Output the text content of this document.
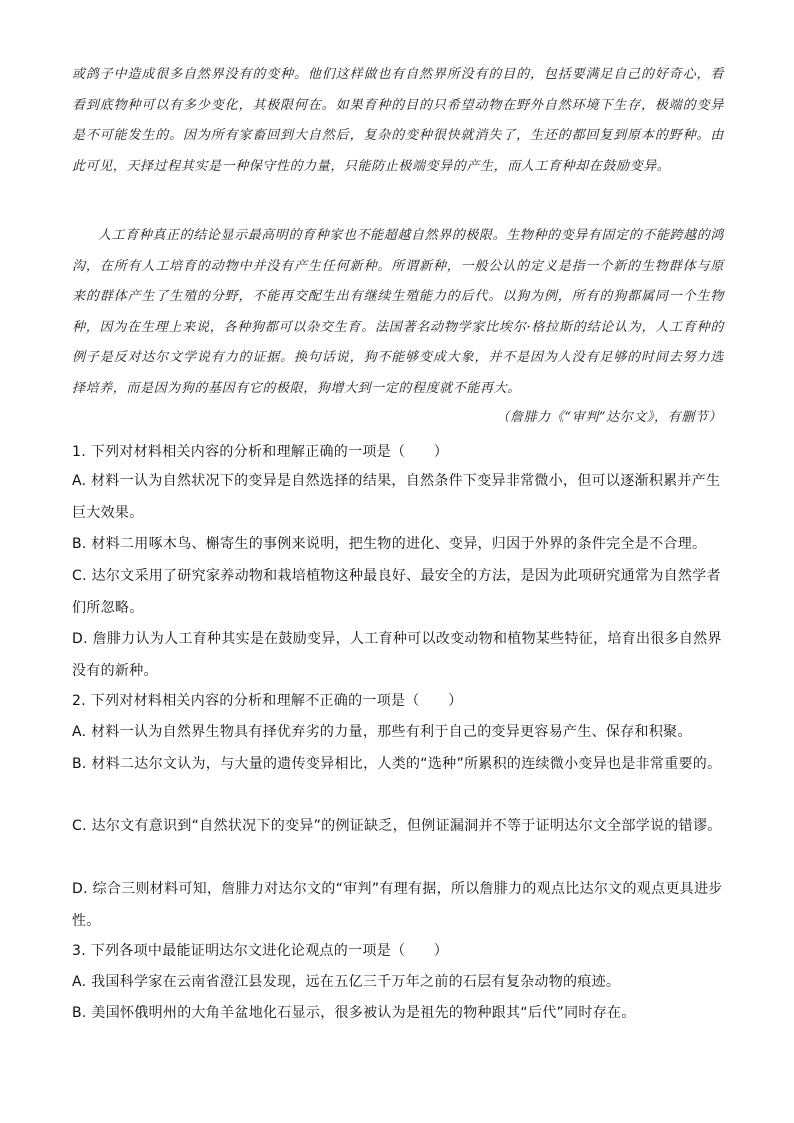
或鸽子中造成很多自然界没有的变种。他们这样做也有自然界所没有的目的，包括要满足自己的好奇心，看看到底物种可以有多少变化，其极限何在。如果育种的目的只希望动物在野外自然环境下生存，极端的变异是不可能发生的。因为所有家畜回到大自然后，复杂的变种很快就消失了，生还的都回复到原本的野种。由此可见，天择过程其实是一种保守性的力量，只能防止极端变异的产生，而人工育种却在鼓励变异。
人工育种真正的结论显示最高明的育种家也不能超越自然界的极限。生物种的变异有固定的不能跨越的鸿沟，在所有人工培育的动物中并没有产生任何新种。所谓新种，一般公认的定义是指一个新的生物群体与原来的群体产生了生殖的分野，不能再交配生出有继续生殖能力的后代。以狗为例，所有的狗都属同一个生物种，因为在生理上来说，各种狗都可以杂交生育。法国著名动物学家比埃尔·格拉斯的结论认为，人工育种的例子是反对达尔文学说有力的证据。换句话说，狗不能够变成大象，并不是因为人没有足够的时间去努力选择培养，而是因为狗的基因有它的极限，狗增大到一定的程度就不能再大。
（詹腓力《“审判”达尔文》，有删节）
1. 下列对材料相关内容的分析和理解正确的一项是（　　）
A. 材料一认为自然状况下的变异是自然选择的结果，自然条件下变异非常微小，但可以逐渐积累并产生巨大效果。
B. 材料二用啄木鸟、槲寄生的事例来说明，把生物的进化、变异，归因于外界的条件完全是不合理。
C. 达尔文采用了研究家养动物和栽培植物这种最良好、最安全的方法，是因为此项研究通常为自然学者们所忽略。
D. 詹腓力认为人工育种其实是在鼓励变异，人工育种可以改变动物和植物某些特征，培育出很多自然界没有的新种。
2. 下列对材料相关内容的分析和理解不正确的一项是（　　）
A. 材料一认为自然界生物具有择优弃劣的力量，那些有利于自己的变异更容易产生、保存和积聚。
B. 材料二达尔文认为，与大量的遗传变异相比，人类的“选种”所累积的连续微小变异也是非常重要的。
C. 达尔文有意识到“自然状况下的变异”的例证缺乏，但例证漏洞并不等于证明达尔文全部学说的错谬。
D. 综合三则材料可知，詹腓力对达尔文的“审判”有理有据，所以詹腓力的观点比达尔文的观点更具进步性。
3. 下列各项中最能证明达尔文进化论观点的一项是（　　）
A. 我国科学家在云南省澄江县发现，远在五亿三千万年之前的石层有复杂动物的痕迹。
B. 美国怀俄明州的大角羊盆地化石显示，很多被认为是祖先的物种跟其“后代”同时存在。
